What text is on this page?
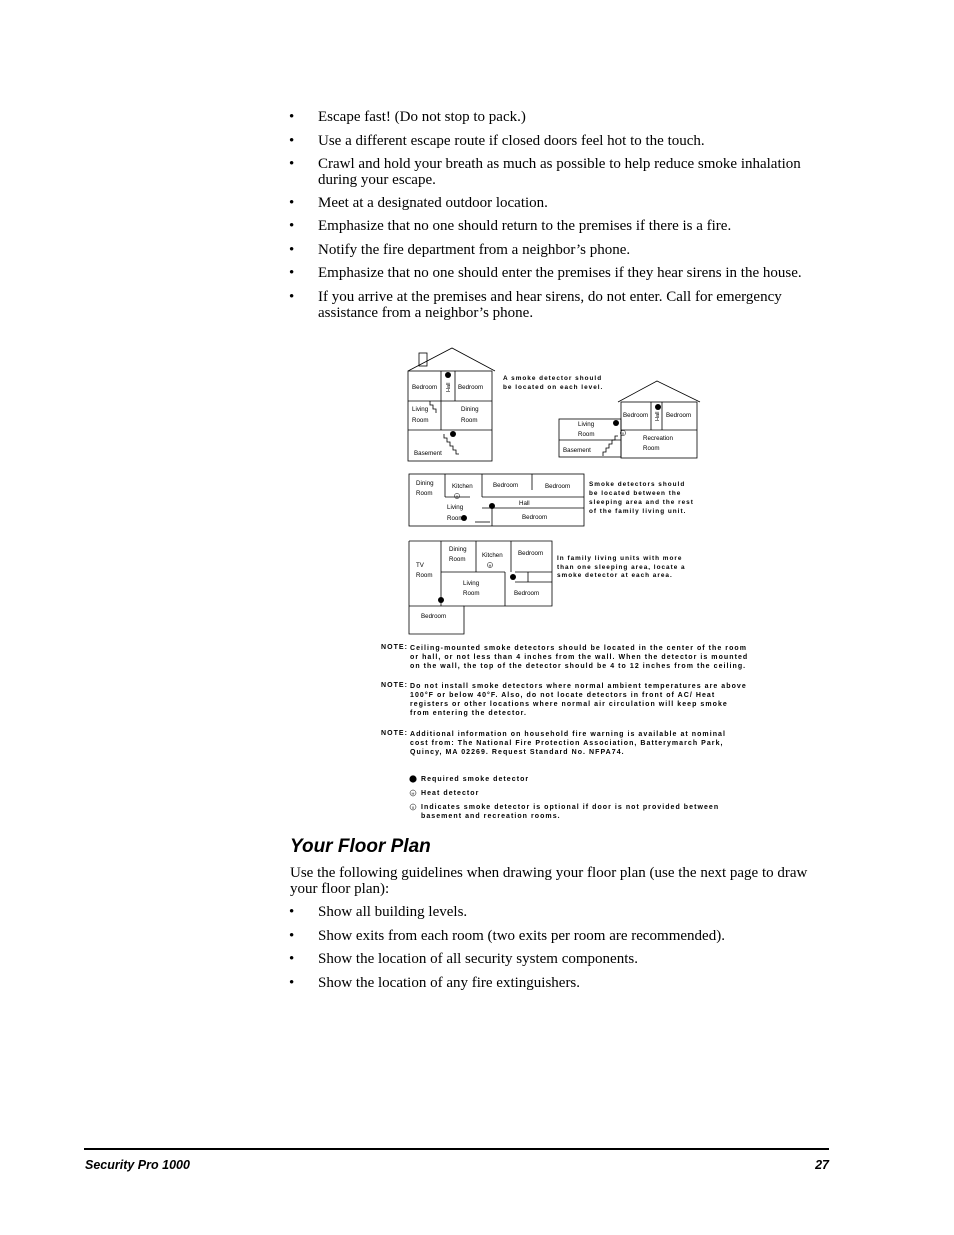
• Escape fast! (Do not stop to pack.)
• Use a different escape route if closed doors feel hot to the touch.
• Crawl and hold your breath as much as possible to help reduce smoke inhalation during your escape.
• Meet at a designated outdoor location.
• Emphasize that no one should return to the premises if there is a fire.
• Notify the fire department from a neighbor’s phone.
• Emphasize that no one should enter the premises if they hear sirens in the house.
• If you arrive at the premises and hear sirens, do not enter. Call for emergency assistance from a neighbor’s phone.
H
H
X
Bedroom	Bedroom
Hall
Living
Room
Dining
Room
Basement
Bedroom	Bedroom
Hall
Living
Room
Recreation
Room
Basement
Dining
Room
Kitchen
Living
Room
Bedroom	Bedroom
Hall
Bedroom
Dining
Room
Kitchen Bedroom
TV
Room
Living
Room	Bedroom
Bedroom
A smoke detector should
be located on each level.
Smoke detectors should
be located between the
sleeping area and the rest
of the family living unit.
In family living units with more
than one sleeping area, locate a
smoke detector at each area.
NOTE: Ceiling-mounted smoke detectors should be located in the center of the room
or hall, or not less than 4 inches from the wall. When the detector is mounted
on the wall, the top of the detector should be 4 to 12 inches from the ceiling.
NOTE: Do not install smoke detectors where normal ambient temperatures are above
100°F or below 40°F. Also, do not locate detectors in front of AC/ Heat
registers or other locations where normal air circulation will keep smoke
from entering the detector.
NOTE: Additional information on household fire warning is available at nominal
cost from: The National Fire Protection Association, Batterymarch Park,
Quincy, MA 02269. Request Standard No. NFPA74.
H
X
Required smoke detector
Heat detector
Indicates smoke detector is optional if door is not provided between
basement and recreation rooms.
Your Floor Plan
Use the following guidelines when drawing your floor plan (use the next page to draw your floor plan):
• Show all building levels.
• Show exits from each room (two exits per room are recommended).
• Show the location of all security system components.
• Show the location of any fire extinguishers.
Security Pro 1000	27
